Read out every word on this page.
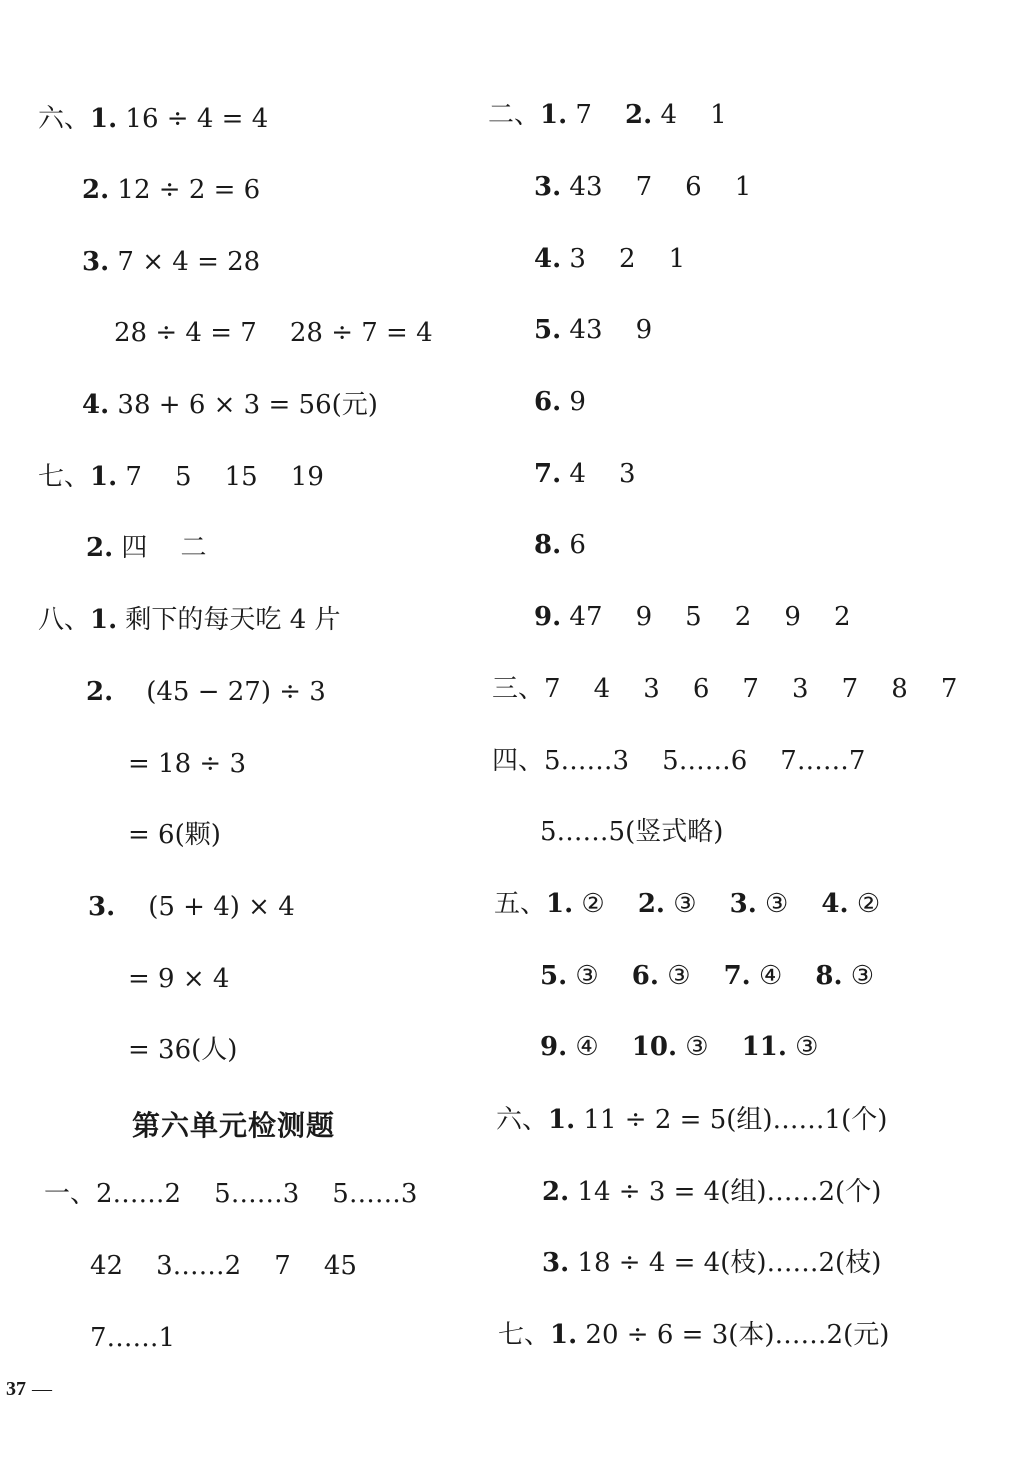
六、1. 16 ÷ 4 = 4
2. 12 ÷ 2 = 6
3. 7 × 4 = 28
28 ÷ 4 = 7    28 ÷ 7 = 4
4. 38 + 6 × 3 = 56(元)
七、1. 7    5    15    19
2. 四    二
八、1. 剩下的每天吃 4 片
2.    (45 − 27) ÷ 3
= 18 ÷ 3
= 6(颗)
3.    (5 + 4) × 4
= 9 × 4
= 36(人)
第六单元检测题
一、2……2    5……3    5……3
42    3……2    7    45
7……1
二、1. 7    2. 4    1
3. 43    7    6    1
4. 3    2    1
5. 43    9
6. 9
7. 4    3
8. 6
9. 47    9    5    2    9    2
三、7    4    3    6    7    3    7    8    7
四、5……3    5……6    7……7
5……5(竖式略)
五、1. ②    2. ③    3. ③    4. ②
5. ③    6. ③    7. ④    8. ③
9. ④    10. ③    11. ③
六、1. 11 ÷ 2 = 5(组)……1(个)
2. 14 ÷ 3 = 4(组)……2(个)
3. 18 ÷ 4 = 4(枝)……2(枝)
七、1. 20 ÷ 6 = 3(本)……2(元)
37 —
